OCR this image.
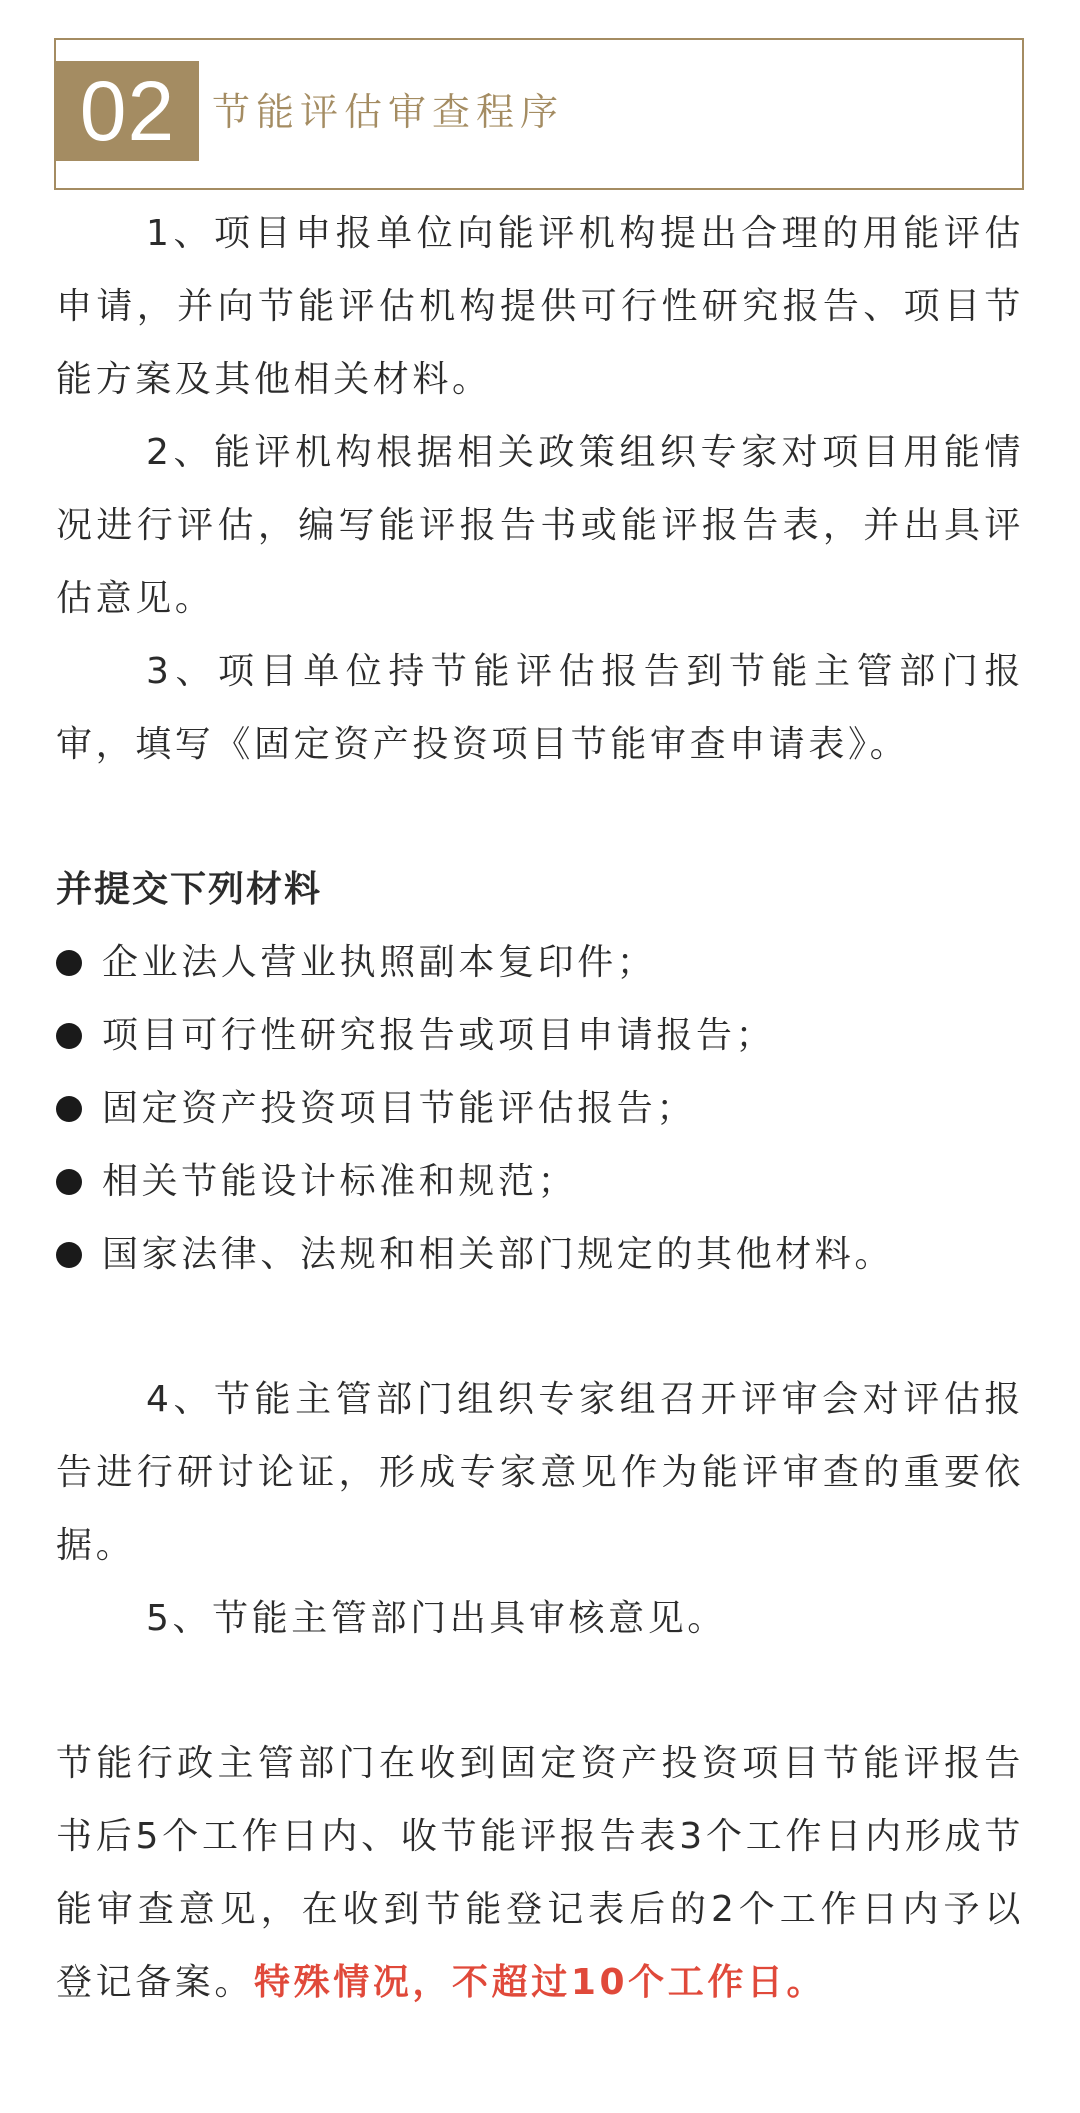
02 节能评估审查程序

1、项目申报单位向能评机构提出合理的用能评估申请，并向节能评估机构提供可行性研究报告、项目节能方案及其他相关材料。

2、能评机构根据相关政策组织专家对项目用能情况进行评估，编写能评报告书或能评报告表，并出具评估意见。

3、项目单位持节能评估报告到节能主管部门报审，填写《固定资产投资项目节能审查申请表》。

并提交下列材料

企业法人营业执照副本复印件；
项目可行性研究报告或项目申请报告；
固定资产投资项目节能评估报告；
相关节能设计标准和规范；
国家法律、法规和相关部门规定的其他材料。

4、节能主管部门组织专家组召开评审会对评估报告进行研讨论证，形成专家意见作为能评审查的重要依据。

5、节能主管部门出具审核意见。

节能行政主管部门在收到固定资产投资项目节能评报告书后5个工作日内、收节能评报告表3个工作日内形成节能审查意见，在收到节能登记表后的2个工作日内予以登记备案。特殊情况，不超过10个工作日。
